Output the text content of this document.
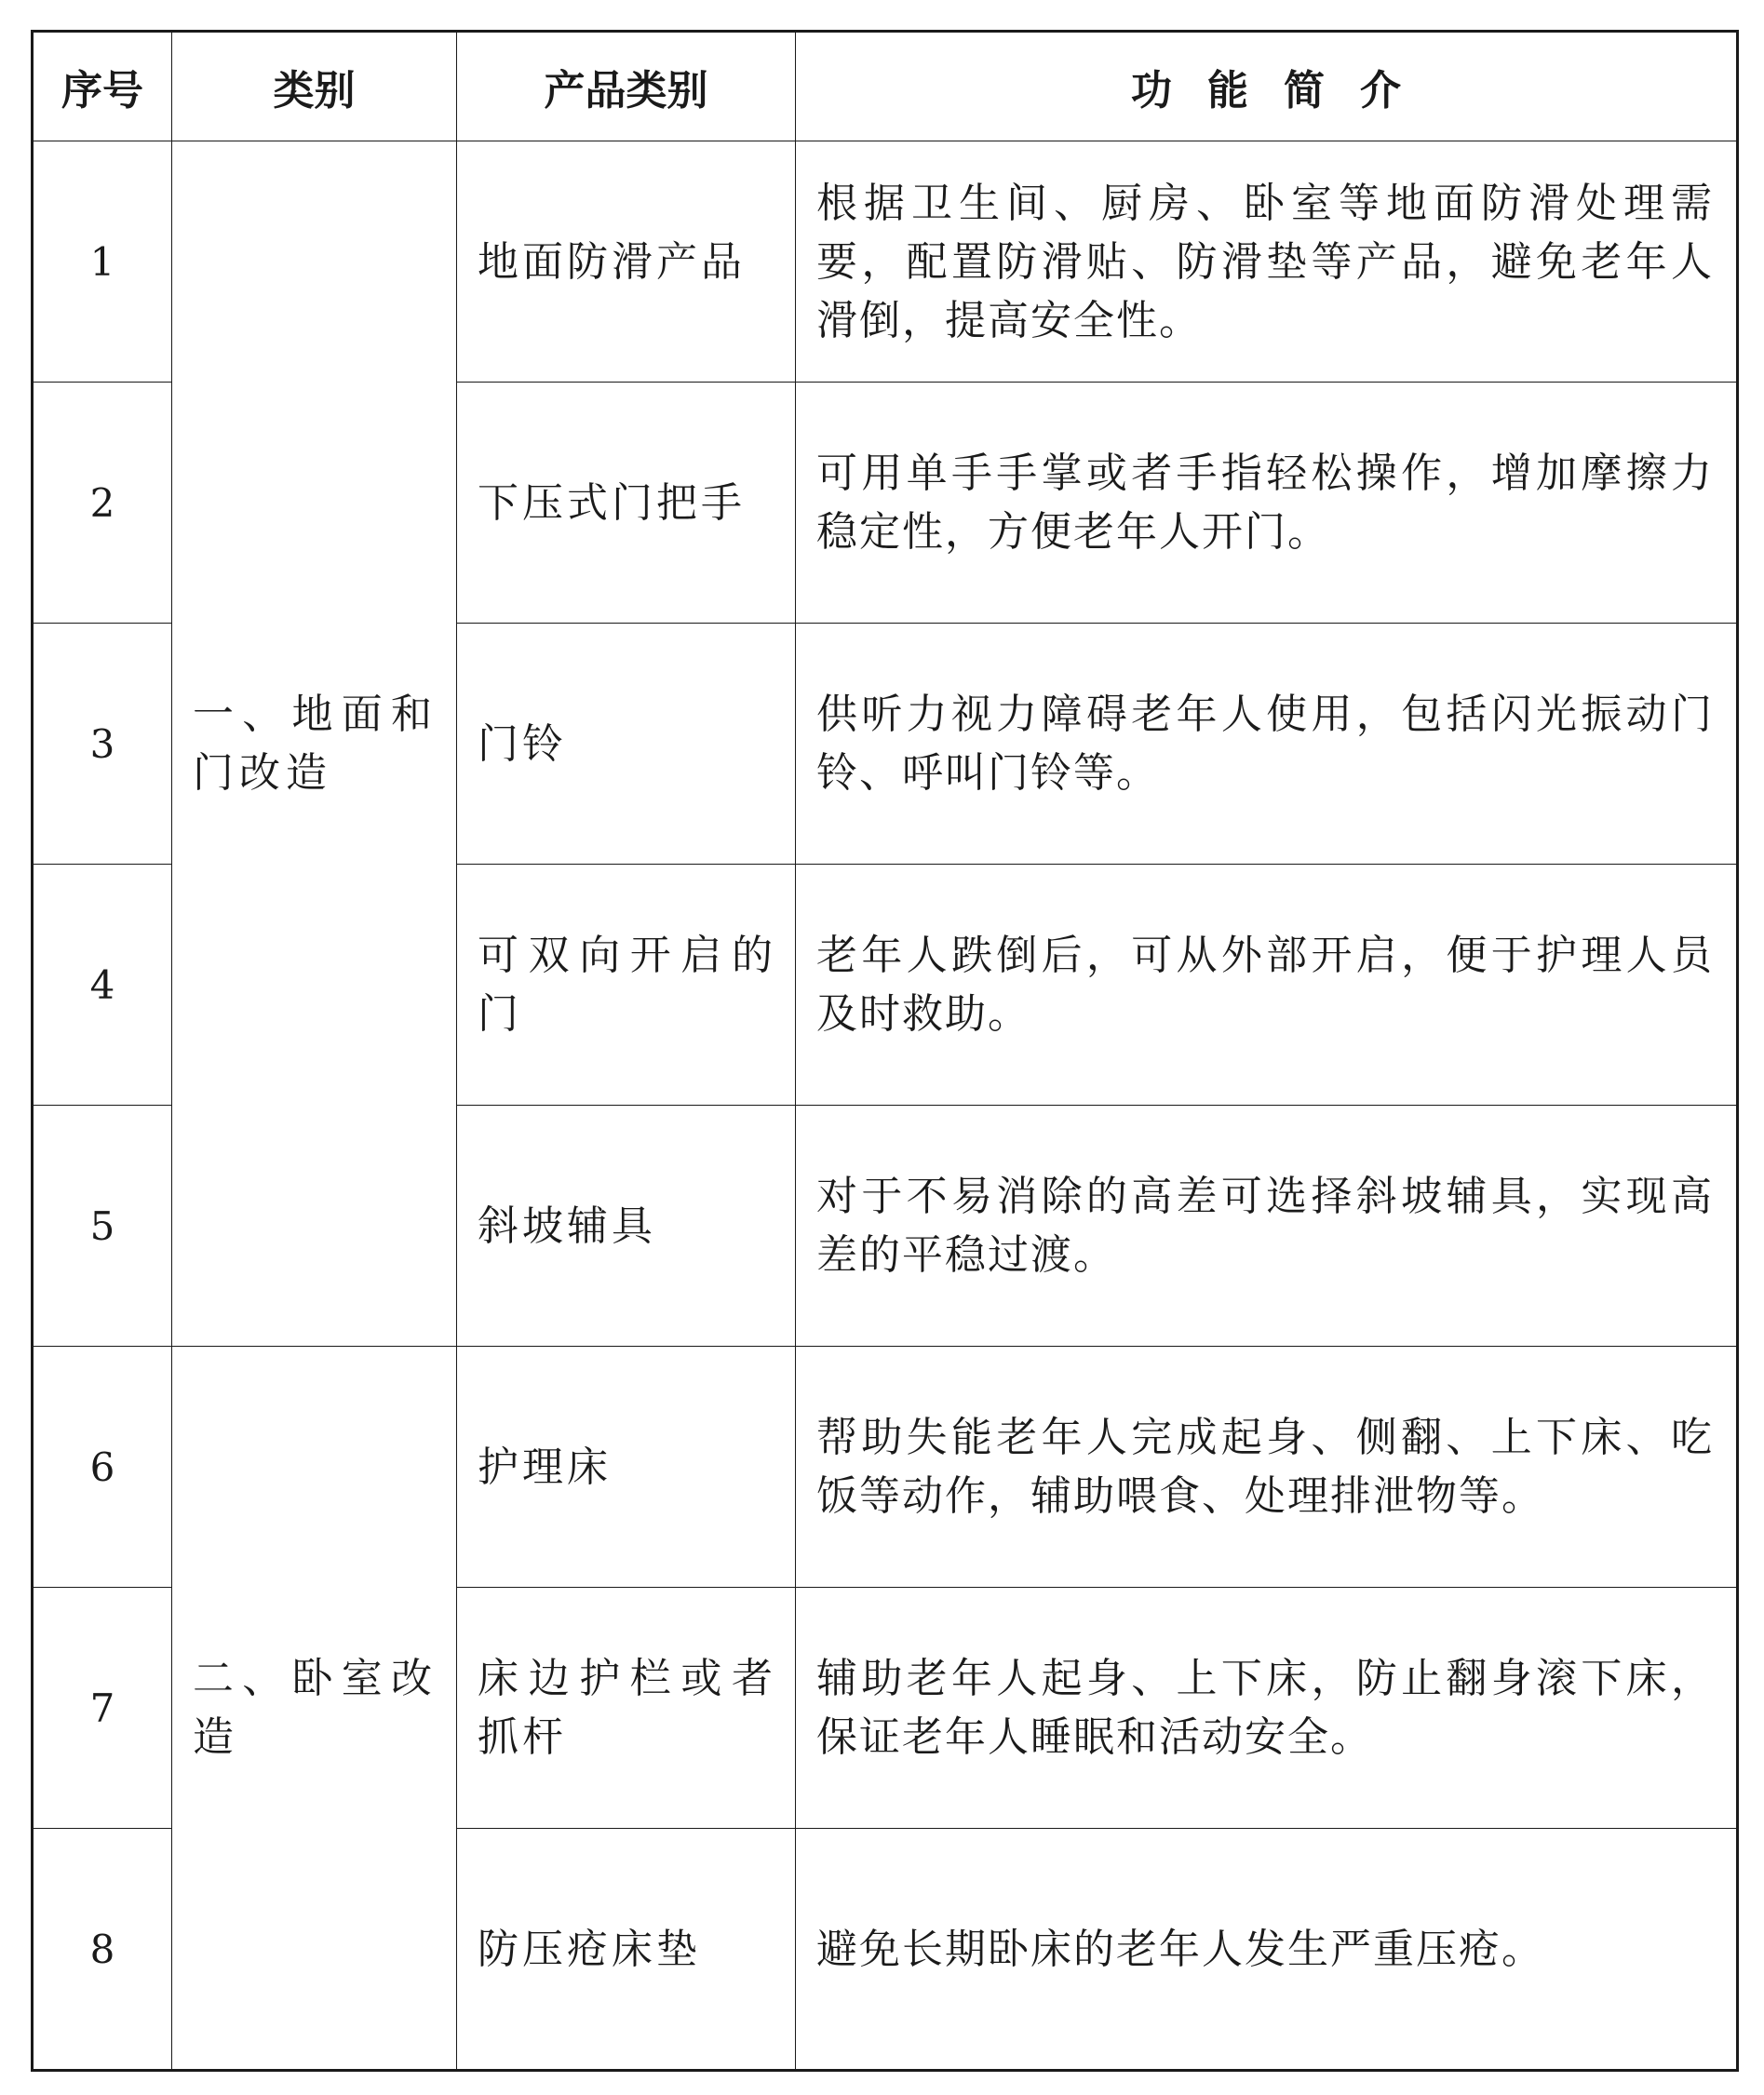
序号	类别	产品类别	功能简介
1	一、地面和门改造	地面防滑产品	根据卫生间、厨房、卧室等地面防滑处理需要，配置防滑贴、防滑垫等产品，避免老年人滑倒，提高安全性。
2		下压式门把手	可用单手手掌或者手指轻松操作，增加摩擦力稳定性，方便老年人开门。
3		门铃	供听力视力障碍老年人使用，包括闪光振动门铃、呼叫门铃等。
4		可双向开启的门	老年人跌倒后，可从外部开启，便于护理人员及时救助。
5		斜坡辅具	对于不易消除的高差可选择斜坡辅具，实现高差的平稳过渡。
6	二、卧室改造	护理床	帮助失能老年人完成起身、侧翻、上下床、吃饭等动作，辅助喂食、处理排泄物等。
7		床边护栏或者抓杆	辅助老年人起身、上下床，防止翻身滚下床，保证老年人睡眠和活动安全。
8		防压疮床垫	避免长期卧床的老年人发生严重压疮。
